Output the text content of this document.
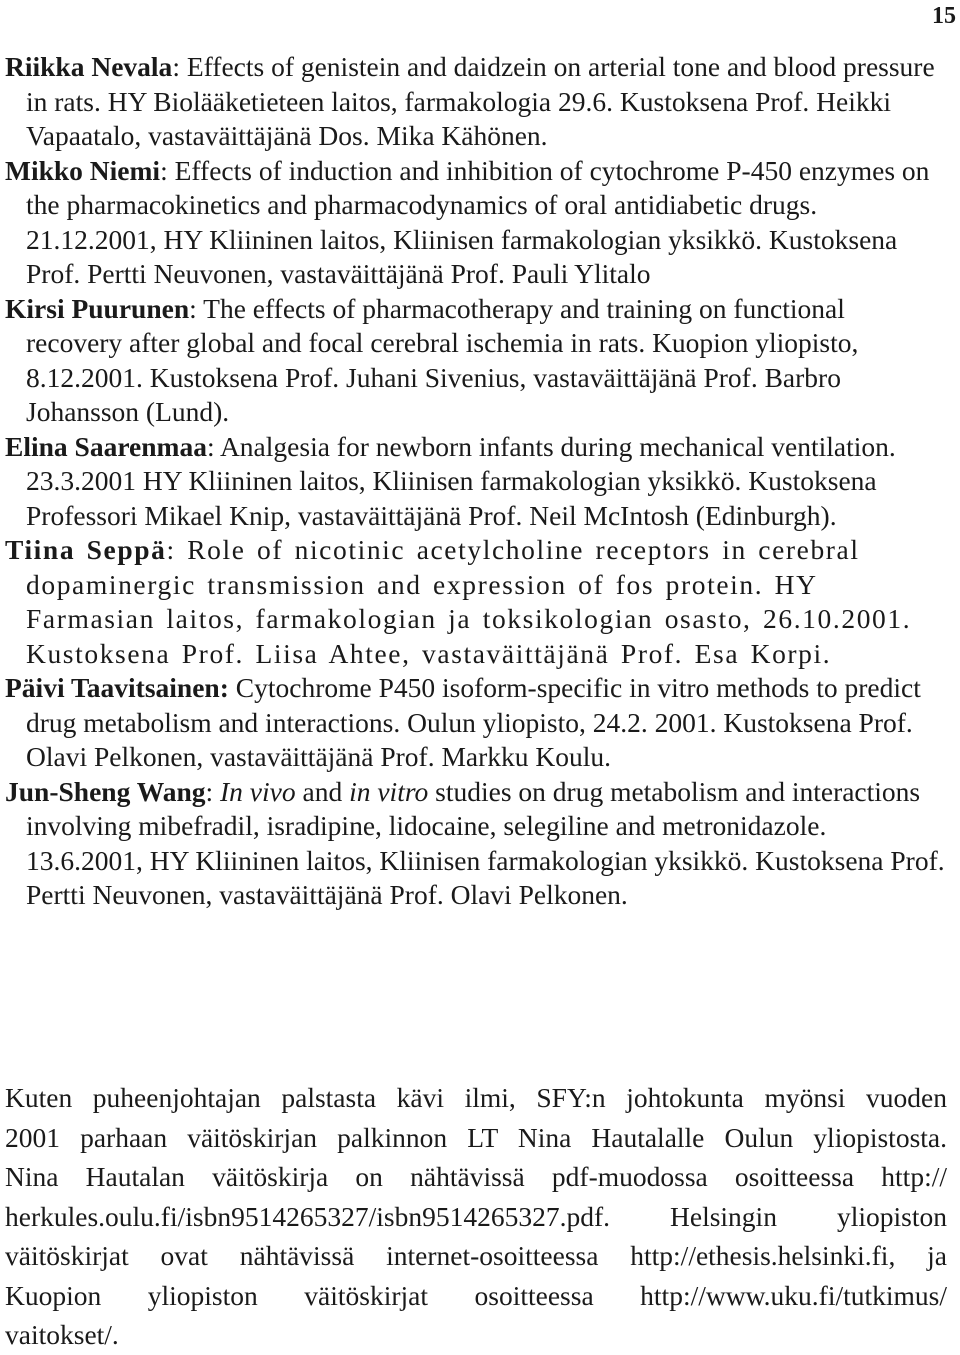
15

Riikka Nevala: Effects of genistein and daidzein on arterial tone and blood pressure in rats. HY Biolääketieteen laitos, farmakologia 29.6. Kustoksena Prof. Heikki Vapaatalo, vastaväittäjänä Dos. Mika Kähönen.

Mikko Niemi: Effects of induction and inhibition of cytochrome P-450 enzymes on the pharmacokinetics and pharmacodynamics of oral antidiabetic drugs. 21.12.2001, HY Kliininen laitos, Kliinisen farmakologian yksikkö. Kustoksena Prof. Pertti Neuvonen, vastaväittäjänä Prof. Pauli Ylitalo

Kirsi Puurunen: The effects of pharmacotherapy and training on functional recovery after global and focal cerebral ischemia in rats. Kuopion yliopisto, 8.12.2001. Kustoksena Prof. Juhani Sivenius, vastaväittäjänä Prof. Barbro Johansson (Lund).

Elina Saarenmaa: Analgesia for newborn infants during mechanical ventilation. 23.3.2001 HY Kliininen laitos, Kliinisen farmakologian yksikkö. Kustoksena Professori Mikael Knip, vastaväittäjänä Prof. Neil McIntosh (Edinburgh).

Tiina Seppä: Role of nicotinic acetylcholine receptors in cerebral dopaminergic transmission and expression of fos protein. HY Farmasian laitos, farmakologian ja toksikologian osasto, 26.10.2001. Kustoksena Prof. Liisa Ahtee, vastaväittäjänä Prof. Esa Korpi.

Päivi Taavitsainen: Cytochrome P450 isoform-specific in vitro methods to predict drug metabolism and interactions. Oulun yliopisto, 24.2. 2001. Kustoksena Prof. Olavi Pelkonen, vastaväittäjänä Prof. Markku Koulu.

Jun-Sheng Wang: In vivo and in vitro studies on drug metabolism and interactions involving mibefradil, isradipine, lidocaine, selegiline and metronidazole. 13.6.2001, HY Kliininen laitos, Kliinisen farmakologian yksikkö. Kustoksena Prof. Pertti Neuvonen, vastaväittäjänä Prof. Olavi Pelkonen.

Kuten puheenjohtajan palstasta kävi ilmi, SFY:n johtokunta myönsi vuoden
2001 parhaan väitöskirjan palkinnon LT Nina Hautalalle Oulun yliopistosta.
Nina Hautalan väitöskirja on nähtävissä pdf-muodossa osoitteessa http://
herkules.oulu.fi/isbn9514265327/isbn9514265327.pdf. Helsingin yliopiston
väitöskirjat ovat nähtävissä internet-osoitteessa http://ethesis.helsinki.fi, ja
Kuopion yliopiston väitöskirjat osoitteessa http://www.uku.fi/tutkimus/
vaitokset/.
